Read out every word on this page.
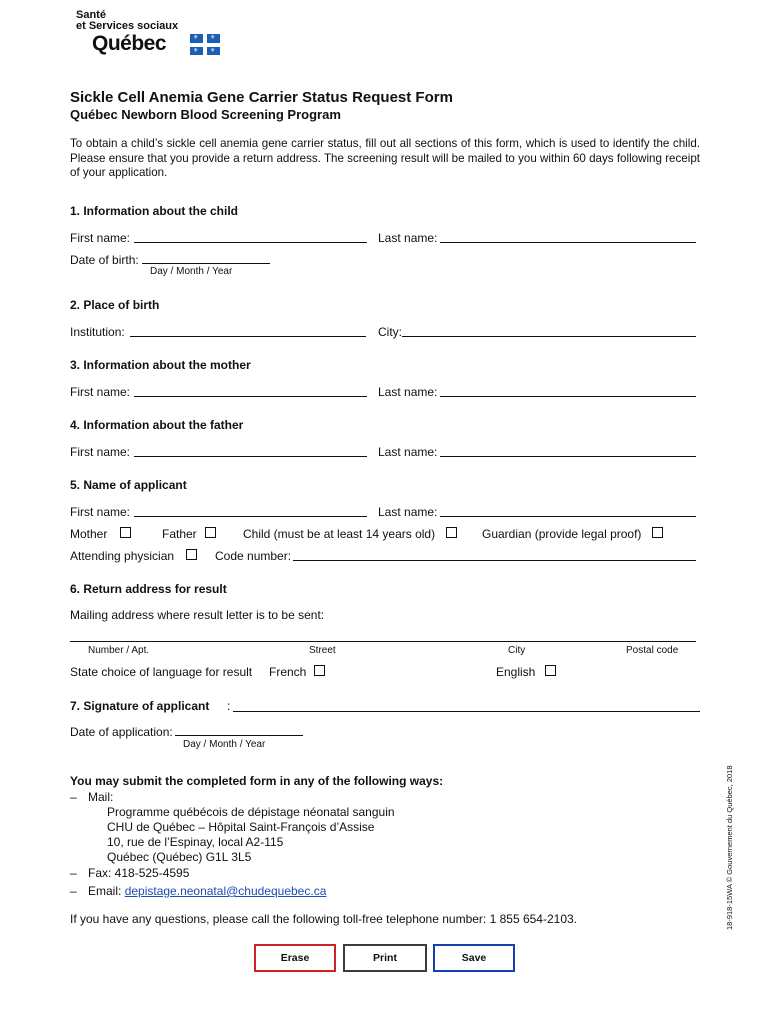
Santé
et Services sociaux
Québec	⚜ ⚜
⚜ ⚜
Sickle Cell Anemia Gene Carrier Status Request Form
Québec Newborn Blood Screening Program
To obtain a child’s sickle cell anemia gene carrier status, fill out all sections of this form, which is used to identify the child. Please ensure that you provide a return address. The screening result will be mailed to you within 60 days following receipt of your application.
1. Information about the child
First name:	Last name:
Date of birth:
Day / Month / Year
2. Place of birth
Institution:	City:
3. Information about the mother
First name:	Last name:
4. Information about the father
First name:	Last name:
5. Name of applicant
First name:	Last name:
Mother	Father	Child (must be at least 14 years old)	Guardian (provide legal proof)
Attending physician	Code number:
6. Return address for result
Mailing address where result letter is to be sent:
Number / Apt.	Street	City	Postal code
State choice of language for result French	English
7. Signature of applicant :
Date of application:
Day / Month / Year
You may submit the completed form in any of the following ways:
– Mail:
Programme québécois de dépistage néonatal sanguin
CHU de Québec – Hôpital Saint-François d’Assise
10, rue de l’Espinay, local A2-115
Québec (Québec) G1L 3L5
– Fax: 418-525-4595
– Email: depistage.neonatal@chudequebec.ca
If you have any questions, please call the following toll-free telephone number: 1 855 654-2103.	18-918-15WA © Gouvernement du Québec, 2018
Erase	Print	Save
